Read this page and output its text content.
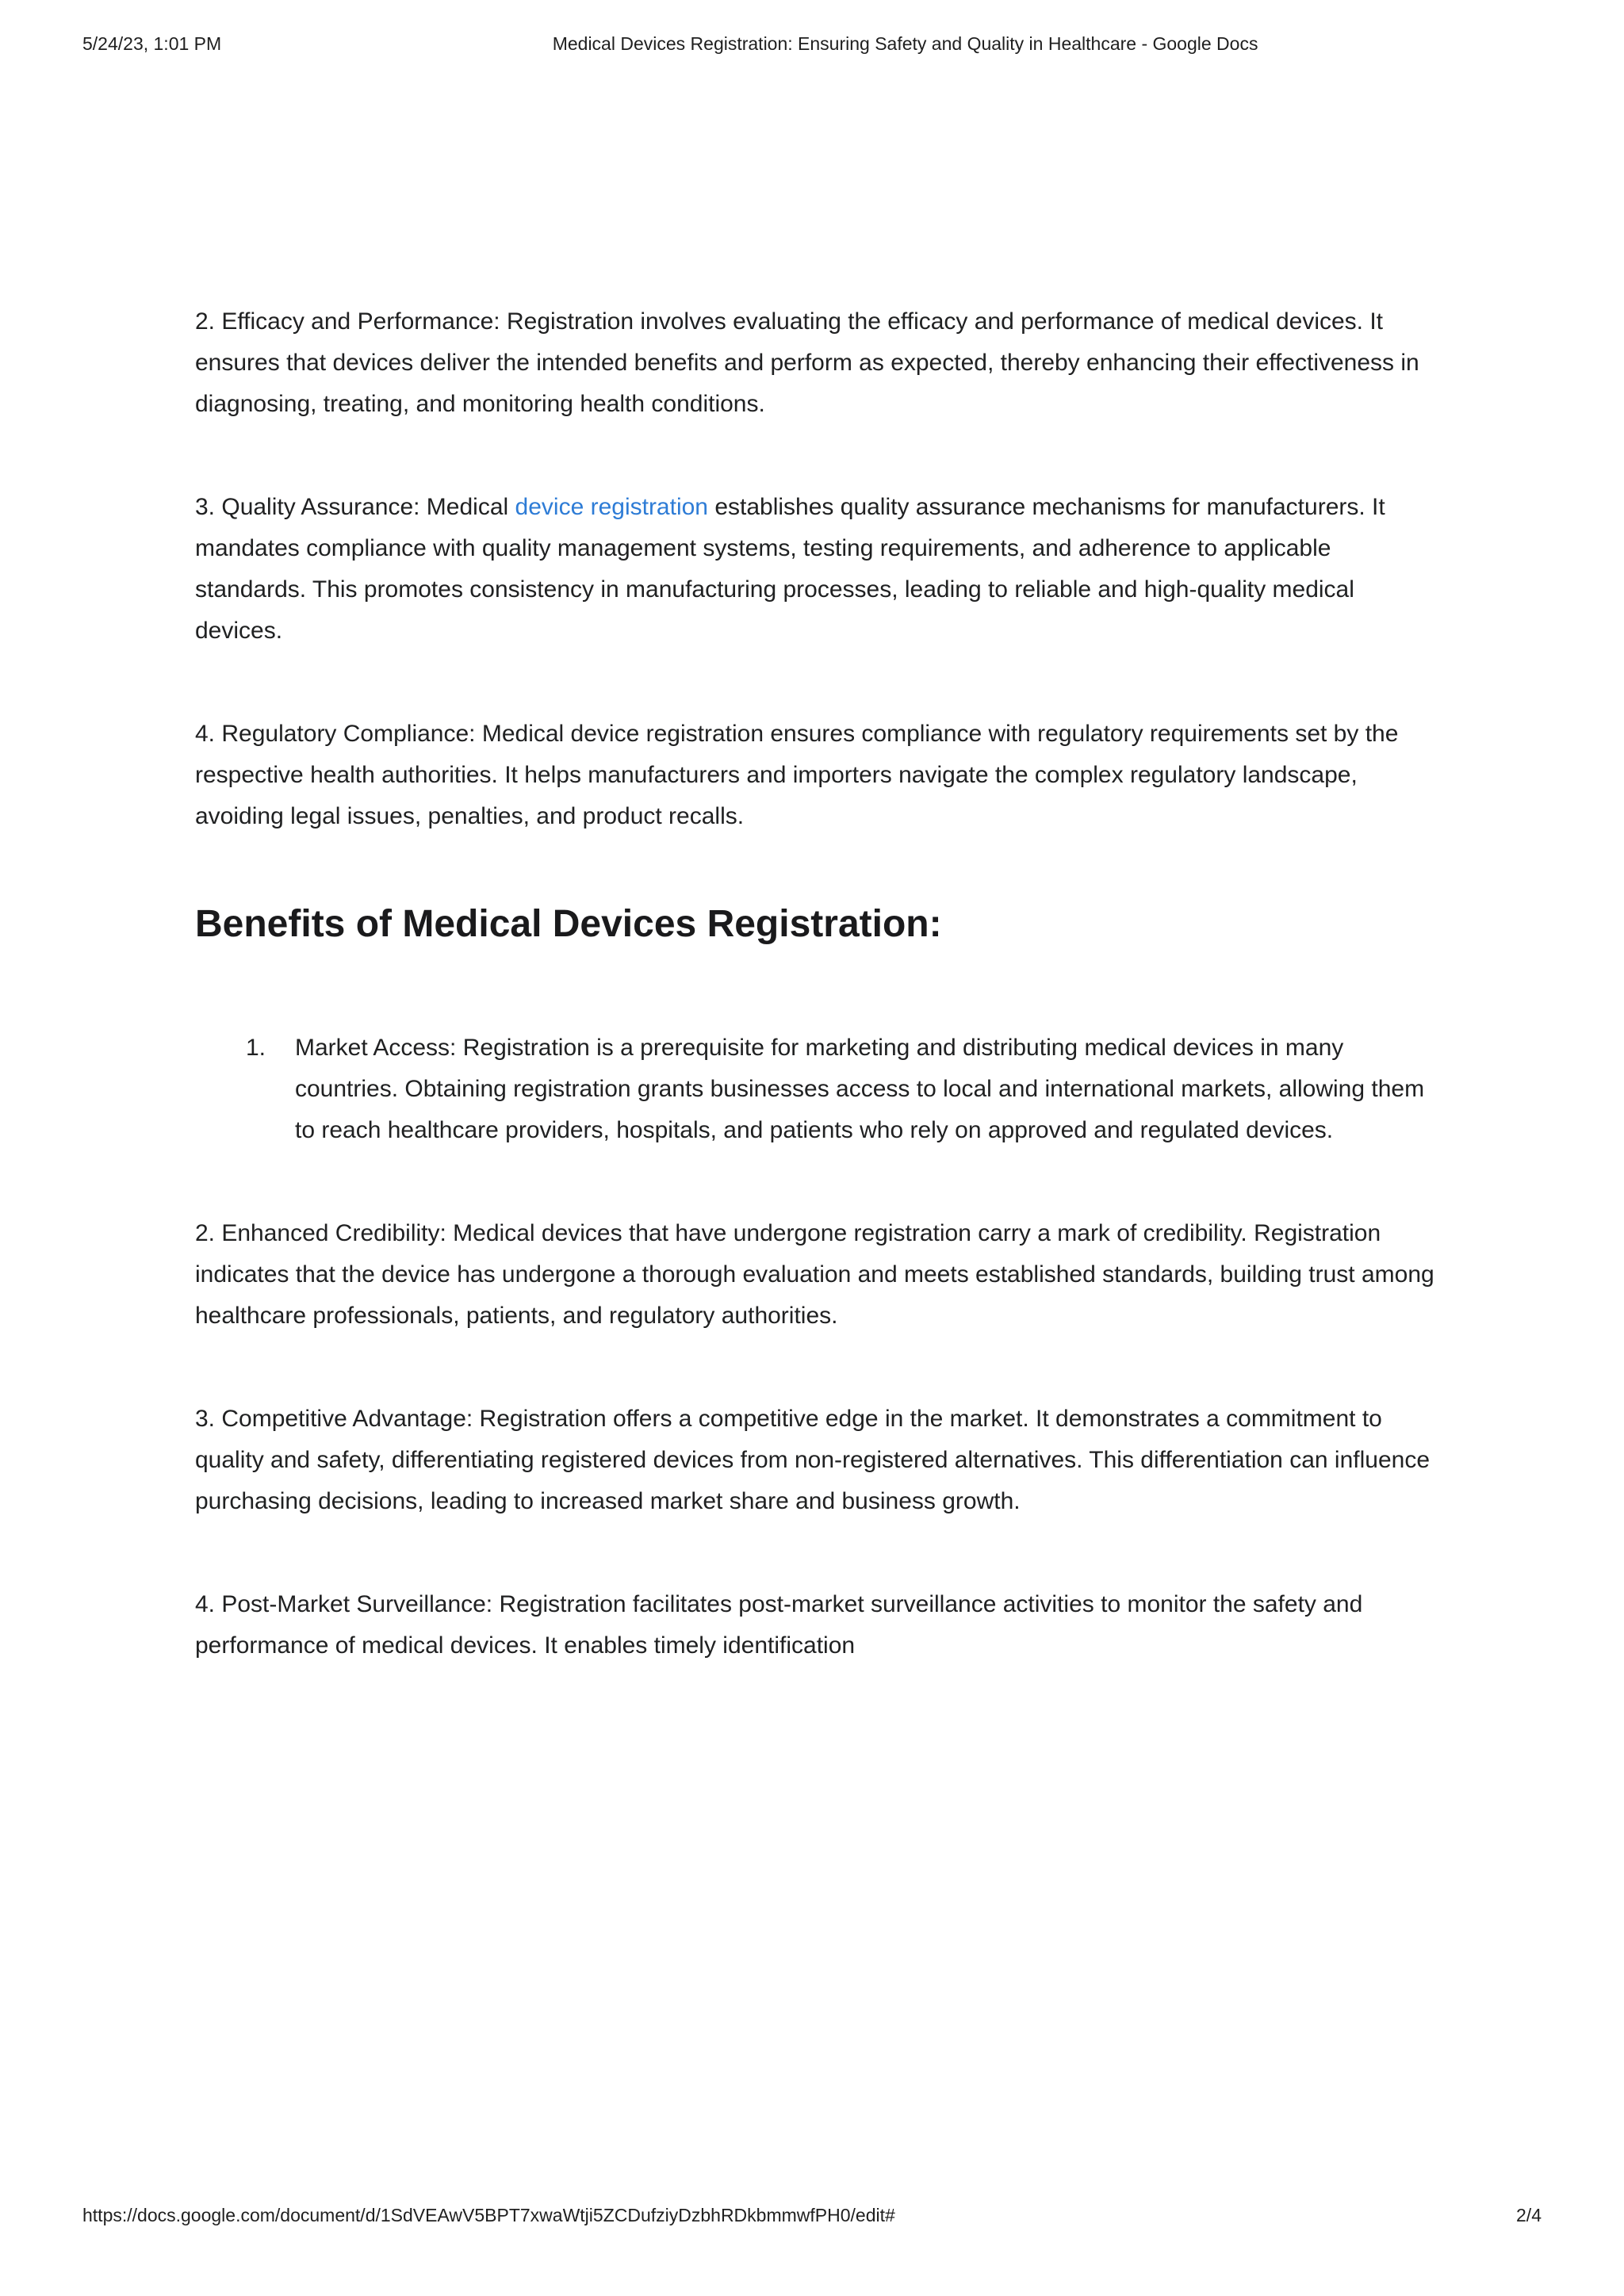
5/24/23, 1:01 PM	Medical Devices Registration: Ensuring Safety and Quality in Healthcare - Google Docs

2. Efficacy and Performance: Registration involves evaluating the efficacy and performance of medical devices. It ensures that devices deliver the intended benefits and perform as expected, thereby enhancing their effectiveness in diagnosing, treating, and monitoring health conditions.

3. Quality Assurance: Medical device registration establishes quality assurance mechanisms for manufacturers. It mandates compliance with quality management systems, testing requirements, and adherence to applicable standards. This promotes consistency in manufacturing processes, leading to reliable and high-quality medical devices.

4. Regulatory Compliance: Medical device registration ensures compliance with regulatory requirements set by the respective health authorities. It helps manufacturers and importers navigate the complex regulatory landscape, avoiding legal issues, penalties, and product recalls.

Benefits of Medical Devices Registration:
1.	Market Access: Registration is a prerequisite for marketing and distributing medical devices in many countries. Obtaining registration grants businesses access to local and international markets, allowing them to reach healthcare providers, hospitals, and patients who rely on approved and regulated devices.

2. Enhanced Credibility: Medical devices that have undergone registration carry a mark of credibility. Registration indicates that the device has undergone a thorough evaluation and meets established standards, building trust among healthcare professionals, patients, and regulatory authorities.

3. Competitive Advantage: Registration offers a competitive edge in the market. It demonstrates a commitment to quality and safety, differentiating registered devices from non-registered alternatives. This differentiation can influence purchasing decisions, leading to increased market share and business growth.

4. Post-Market Surveillance: Registration facilitates post-market surveillance activities to monitor the safety and performance of medical devices. It enables timely identification

https://docs.google.com/document/d/1SdVEAwV5BPT7xwaWtji5ZCDufziyDzbhRDkbmmwfPH0/edit#	2/4
